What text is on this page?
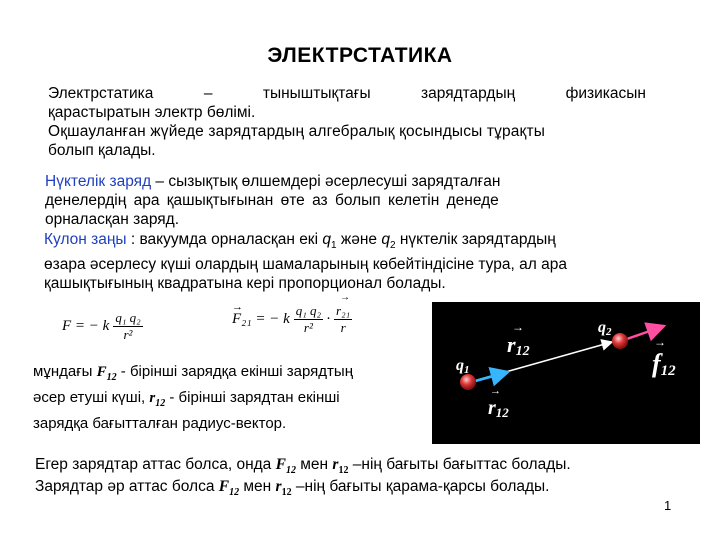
ЭЛЕКТРСТАТИКА
Электрстатика	–	тыныштықтағы	зарядтардың	физикасын
қарастыратын электр бөлімі.
Оқшауланған жүйеде зарядтардың алгебралық қосындысы тұрақты
болып қалады.
Нүктелік заряд – сызықтық өлшемдері әсерлесуші зарядталған
денелердің ара қашықтығынан өте аз болып келетін денеде
орналасқан заряд.
Кулон заңы : вакуумда орналасқан екі $q_1$ және $q_2$ нүктелік зарядтардың
өзара әсерлесу күші олардың шамаларының көбейтіндісіне тура, ал ара
қашықтығының квадратына кері пропорционал болады.
F = − k $\frac{\text{q₁ q₂}}{\text{r²}}$
→
F₂₁ = − k
q₁ q₂
r²
·
→
r₂₁
r
мұндағы $F_{12}$ - бірінші зарядқа екінші зарядтың
әсер етуші күші, $r_{12}$ - бірінші зарядтан екінші
зарядқа бағытталған радиус-вектор.
q1
q2
r12
→
r12
→
f12
→
Егер зарядтар аттас болса, онда $F_{12}$ мен $r_{12}$ –нің бағыты бағыттас болады.
Зарядтар әр аттас болса $F_{12}$ мен $r_{12}$ –нің бағыты қарама-қарсы болады.
1
